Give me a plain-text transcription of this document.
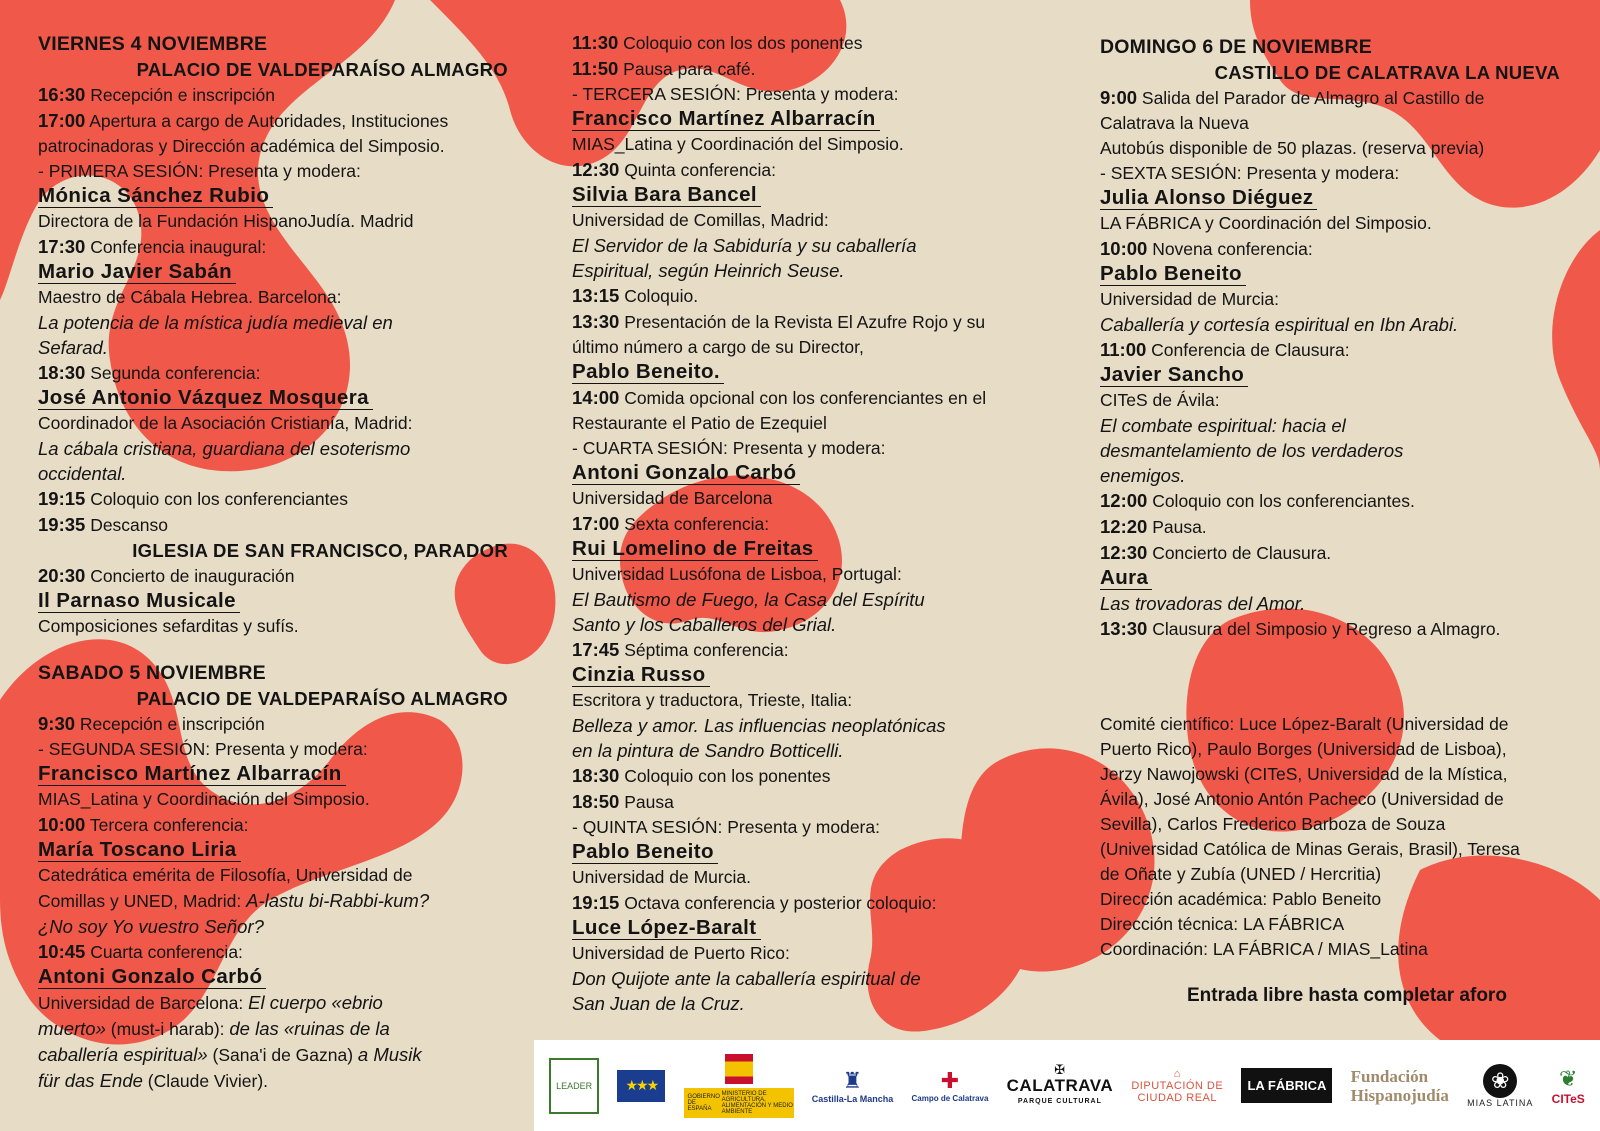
VIERNES 4 NOVIEMBRE
PALACIO DE VALDEPARAÍSO ALMAGRO
16:30 Recepción e inscripción
17:00 Apertura a cargo de Autoridades, Instituciones
patrocinadoras y Dirección académica del Simposio.
- PRIMERA SESIÓN: Presenta y modera:
Mónica Sánchez Rubio
Directora de la Fundación HispanoJudía. Madrid
17:30 Conferencia inaugural:
Mario Javier Sabán
Maestro de Cábala Hebrea. Barcelona:
La potencia de la mística judía medieval en
Sefarad.
18:30 Segunda conferencia:
José Antonio Vázquez Mosquera
Coordinador de la Asociación Cristianía, Madrid:
La cábala cristiana, guardiana del esoterismo
occidental.
19:15 Coloquio con los conferenciantes
19:35 Descanso
IGLESIA DE SAN FRANCISCO, PARADOR
20:30 Concierto de inauguración
Il Parnaso Musicale
Composiciones sefarditas y sufís.
SABADO 5 NOVIEMBRE
PALACIO DE VALDEPARAÍSO ALMAGRO
9:30 Recepción e inscripción
- SEGUNDA SESIÓN: Presenta y modera:
Francisco Martínez Albarracín
MIAS_Latina y Coordinación del Simposio.
10:00 Tercera conferencia:
María Toscano Liria
Catedrática emérita de Filosofía, Universidad de
Comillas y UNED, Madrid: A-lastu bi-Rabbi-kum?
¿No soy Yo vuestro Señor?
10:45 Cuarta conferencia:
Antoni Gonzalo Carbó
Universidad de Barcelona: El cuerpo «ebrio
muerto» (must-i harab): de las «ruinas de la
caballería espiritual» (Sana'i de Gazna) a Musik
für das Ende (Claude Vivier).
11:30 Coloquio con los dos ponentes
11:50 Pausa para café.
- TERCERA SESIÓN: Presenta y modera:
Francisco Martínez Albarracín
MIAS_Latina y Coordinación del Simposio.
12:30 Quinta conferencia:
Silvia Bara Bancel
Universidad de Comillas, Madrid:
El Servidor de la Sabiduría y su caballería
Espiritual, según Heinrich Seuse.
13:15 Coloquio.
13:30 Presentación de la Revista El Azufre Rojo y su
último número a cargo de su Director,
Pablo Beneito.
14:00 Comida opcional con los conferenciantes en el
Restaurante el Patio de Ezequiel
- CUARTA SESIÓN: Presenta y modera:
Antoni Gonzalo Carbó
Universidad de Barcelona
17:00 Sexta conferencia:
Rui Lomelino de Freitas
Universidad Lusófona de Lisboa, Portugal:
El Bautismo de Fuego, la Casa del Espíritu
Santo y los Caballeros del Grial.
17:45 Séptima conferencia:
Cinzia Russo
Escritora y traductora, Trieste, Italia:
Belleza y amor. Las influencias neoplatónicas
en la pintura de Sandro Botticelli.
18:30 Coloquio con los ponentes
18:50 Pausa
- QUINTA SESIÓN: Presenta y modera:
Pablo Beneito
Universidad de Murcia.
19:15 Octava conferencia y posterior coloquio:
Luce López-Baralt
Universidad de Puerto Rico:
Don Quijote ante la caballería espiritual de
San Juan de la Cruz.
DOMINGO 6 DE NOVIEMBRE
CASTILLO DE CALATRAVA LA NUEVA
9:00 Salida del Parador de Almagro al Castillo de
Calatrava la Nueva
Autobús disponible de 50 plazas. (reserva previa)
- SEXTA SESIÓN: Presenta y modera:
Julia Alonso Diéguez
LA FÁBRICA y Coordinación del Simposio.
10:00 Novena conferencia:
Pablo Beneito
Universidad de Murcia:
Caballería y cortesía espiritual en Ibn Arabi.
11:00 Conferencia de Clausura:
Javier Sancho
CITeS de Ávila:
El combate espiritual: hacia el
desmantelamiento de los verdaderos
enemigos.
12:00 Coloquio con los conferenciantes.
12:20 Pausa.
12:30 Concierto de Clausura.
Aura
Las trovadoras del Amor.
13:30 Clausura del Simposio y Regreso a Almagro.
Comité científico: Luce López-Baralt (Universidad de
Puerto Rico), Paulo Borges (Universidad de Lisboa),
Jerzy Nawojowski (CITeS, Universidad de la Mística,
Ávila), José Antonio Antón Pacheco (Universidad de
Sevilla), Carlos Frederico Barboza de Souza
(Universidad Católica de Minas Gerais, Brasil), Teresa
de Oñate y Zubía (UNED / Hercritia)
Dirección académica: Pablo Beneito
Dirección técnica: LA FÁBRICA
Coordinación: LA FÁBRICA / MIAS_Latina
Entrada libre hasta completar aforo
LEADER	★★★
GOBIERNO DE ESPAÑA

MINISTERIO DE AGRICULTURA, ALIMENTACIÓN Y MEDIO AMBIENTE
♜
Castilla-La Mancha
✚
Campo de Calatrava
✠
CALATRAVA
PARQUE CULTURAL
⌂
DIPUTACIÓN DE
CIUDAD REAL
LA FÁBRICA	Fundación
Hispanojudía
❀
MIAS LATINA
❦
CITeS
